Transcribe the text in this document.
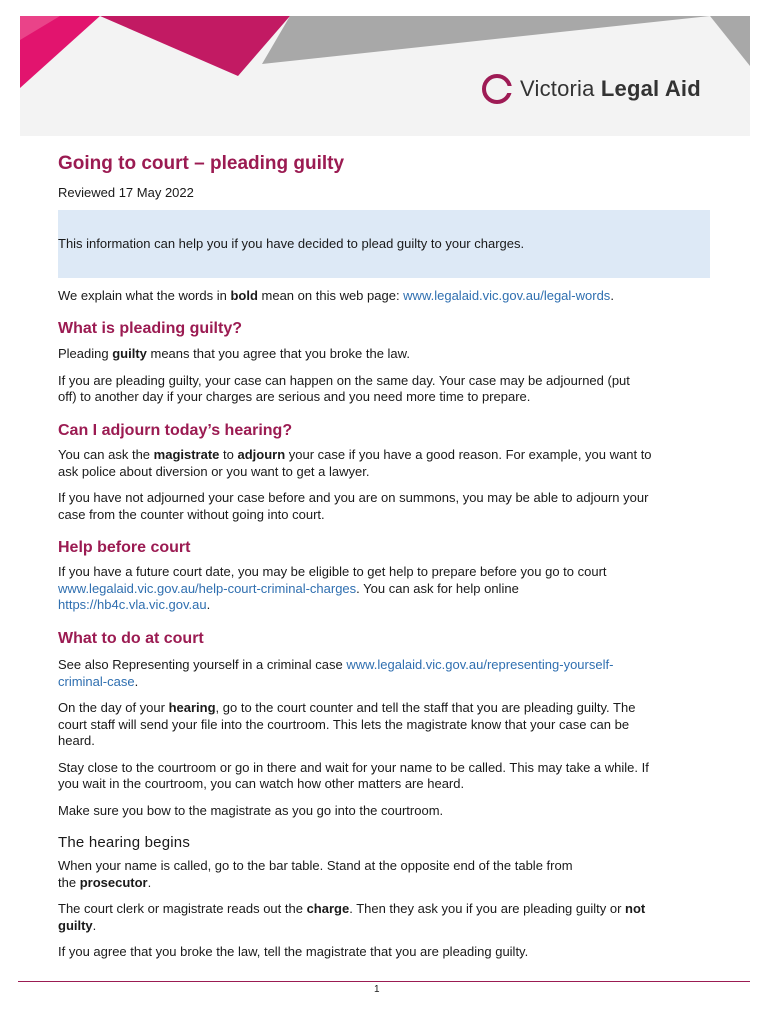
Victoria Legal Aid
Going to court – pleading guilty
Reviewed 17 May 2022

This information can help you if you have decided to plead guilty to your charges.

We explain what the words in bold mean on this web page: www.legalaid.vic.gov.au/legal-words.

What is pleading guilty?

Pleading guilty means that you agree that you broke the law.

If you are pleading guilty, your case can happen on the same day. Your case may be adjourned (put
off) to another day if your charges are serious and you need more time to prepare.

Can I adjourn today’s hearing?

You can ask the magistrate to adjourn your case if you have a good reason. For example, you want to
ask police about diversion or you want to get a lawyer.

If you have not adjourned your case before and you are on summons, you may be able to adjourn your
case from the counter without going into court.

Help before court

If you have a future court date, you may be eligible to get help to prepare before you go to court
www.legalaid.vic.gov.au/help-court-criminal-charges. You can ask for help online
https://hb4c.vla.vic.gov.au.

What to do at court

See also Representing yourself in a criminal case www.legalaid.vic.gov.au/representing-yourself-
criminal-case.

On the day of your hearing, go to the court counter and tell the staff that you are pleading guilty. The
court staff will send your file into the courtroom. This lets the magistrate know that your case can be
heard.

Stay close to the courtroom or go in there and wait for your name to be called. This may take a while. If
you wait in the courtroom, you can watch how other matters are heard.

Make sure you bow to the magistrate as you go into the courtroom.

The hearing begins

When your name is called, go to the bar table. Stand at the opposite end of the table from
the prosecutor.

The court clerk or magistrate reads out the charge. Then they ask you if you are pleading guilty or not
guilty.

If you agree that you broke the law, tell the magistrate that you are pleading guilty.

1
